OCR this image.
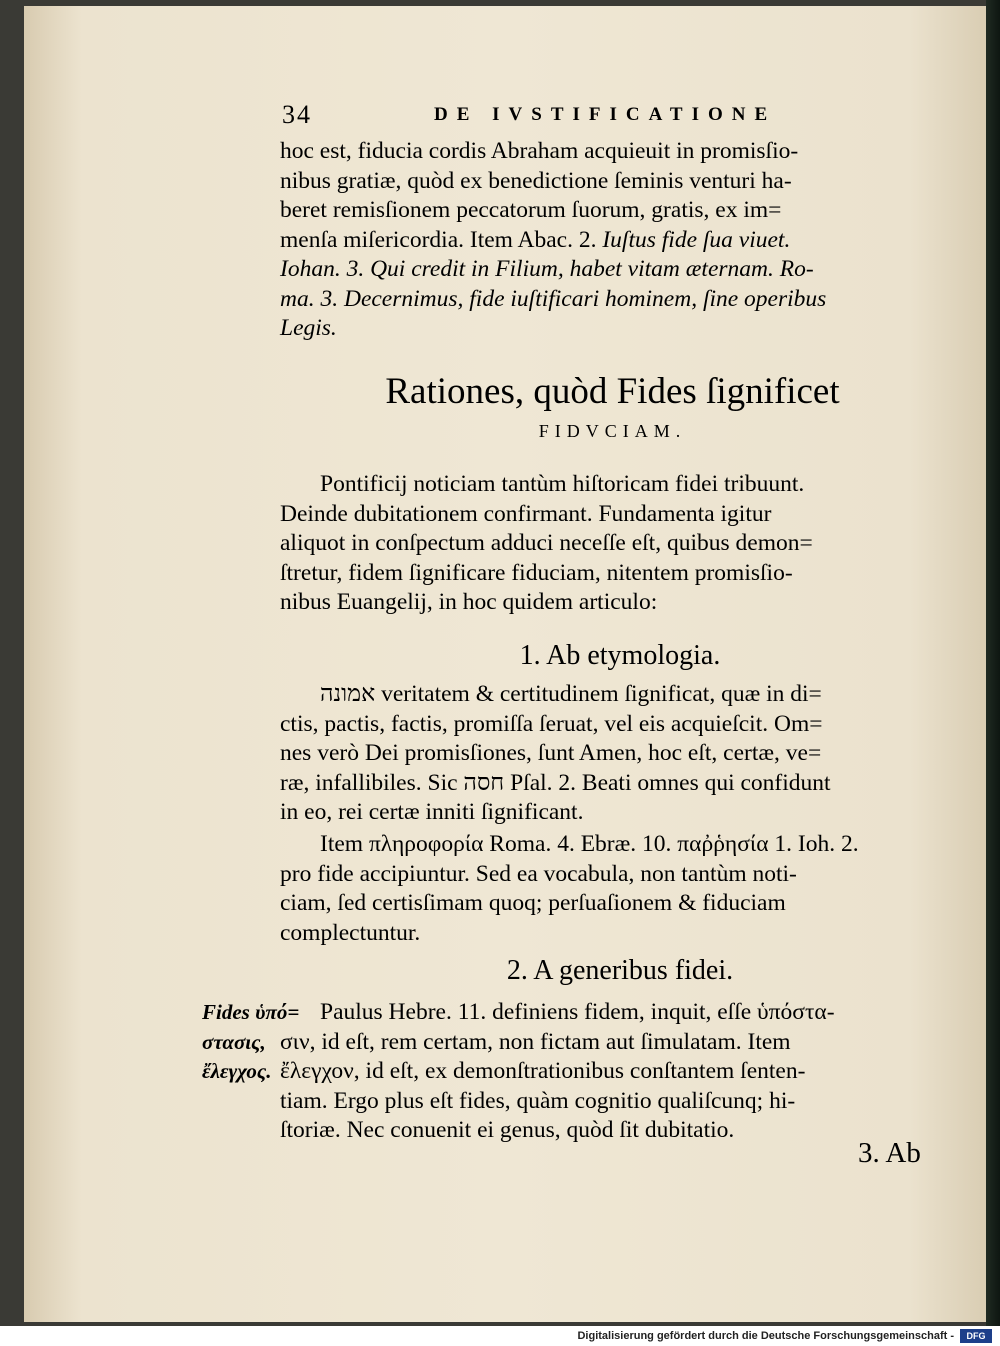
34	DE IVSTIFICATIONE

hoc est, fiducia cordis Abraham acquieuit in promisſio-

nibus gratiæ, quòd ex benedictione ſeminis venturi ha-

beret remisſionem peccatorum ſuorum, gratis, ex im=

menſa miſericordia. Item Abac. 2. Iuſtus fide ſua viuet.

Iohan. 3. Qui credit in Filium, habet vitam æternam. Ro-

ma. 3. Decernimus, fide iuſtificari hominem, ſine operibus

Legis.

Rationes, quòd Fides ſignificet
FIDVCIAM.

Pontificij noticiam tantùm hiſtoricam fidei tribuunt.

Deinde dubitationem confirmant. Fundamenta igitur

aliquot in conſpectum adduci neceſſe eſt, quibus demon=

ſtretur, fidem ſignificare fiduciam, nitentem promisſio-

nibus Euangelij, in hoc quidem articulo:

1. Ab etymologia.

אמונה veritatem & certitudinem ſignificat, quæ in di=

ctis, pactis, factis, promiſſa ſeruat, vel eis acquieſcit. Om=

nes verò Dei promisſiones, ſunt Amen, hoc eſt, certæ, ve=

ræ, infallibiles. Sic חסה Pſal. 2. Beati omnes qui confidunt

in eo, rei certæ inniti ſignificant.

Item πληροφορία Roma. 4. Ebræ. 10. παῤῥησία 1. Ioh. 2.

pro fide accipiuntur. Sed ea vocabula, non tantùm noti-

ciam, ſed certisſimam quoq; perſuaſionem & fiduciam

complectuntur.

2. A generibus fidei.
Fides ὑπό=
στασις,
ἔλεγχος.

Paulus Hebre. 11. definiens fidem, inquit, eſſe ὑπόστα-

σιν, id eſt, rem certam, non fictam aut ſimulatam. Item

ἔλεγχον, id eſt, ex demonſtrationibus conſtantem ſenten-

tiam. Ergo plus eſt fides, quàm cognitio qualiſcunq; hi-

ſtoriæ. Nec conuenit ei genus, quòd ſit dubitatio.

3. Ab
Digitalisierung gefördert durch die Deutsche Forschungsgemeinschaft -	DFG
